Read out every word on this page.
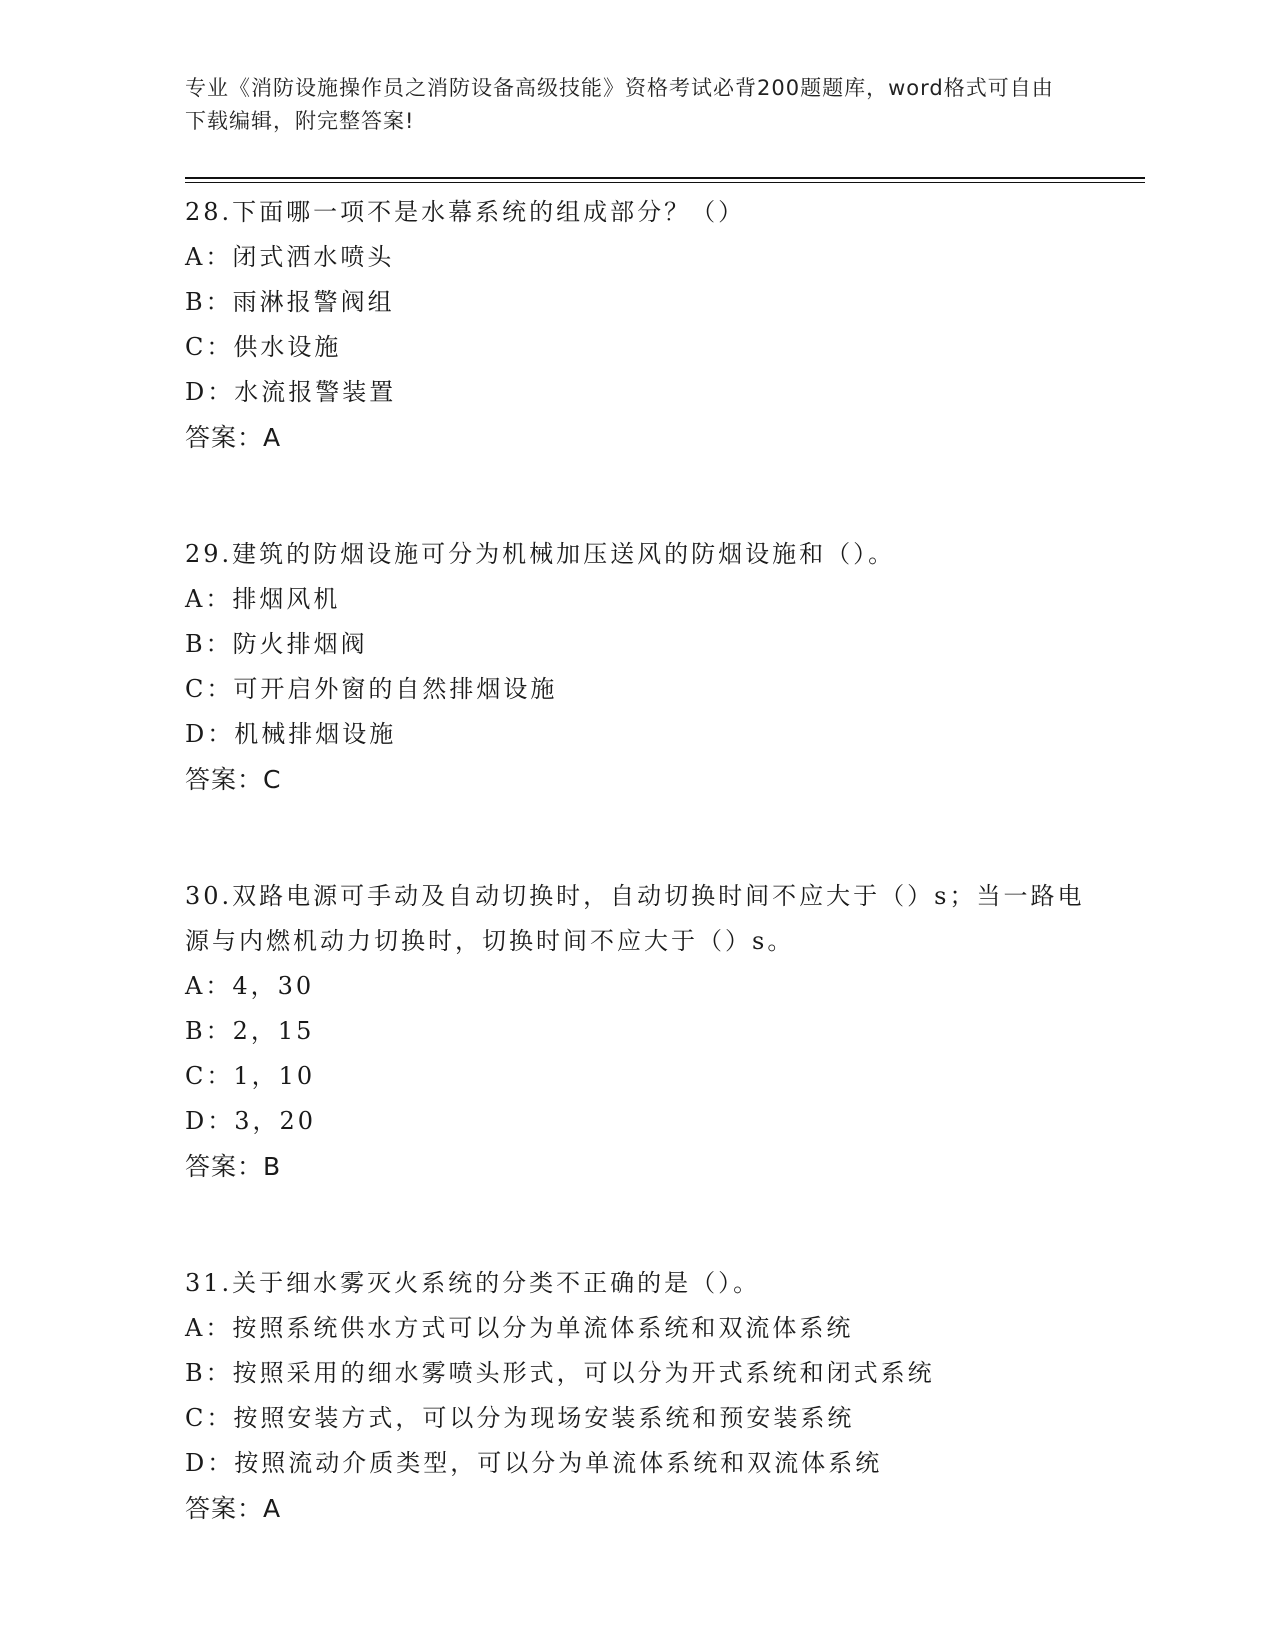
专业《消防设施操作员之消防设备高级技能》资格考试必背200题题库，word格式可自由下载编辑，附完整答案!

28.下面哪一项不是水幕系统的组成部分？（）

A：闭式洒水喷头

B：雨淋报警阀组

C：供水设施

D：水流报警装置

答案：A

29.建筑的防烟设施可分为机械加压送风的防烟设施和（）。

A：排烟风机

B：防火排烟阀

C：可开启外窗的自然排烟设施

D：机械排烟设施

答案：C

30.双路电源可手动及自动切换时，自动切换时间不应大于（）s；当一路电源与内燃机动力切换时，切换时间不应大于（）s。

A：4，30

B：2，15

C：1，10

D：3，20

答案：B

31.关于细水雾灭火系统的分类不正确的是（）。

A：按照系统供水方式可以分为单流体系统和双流体系统

B：按照采用的细水雾喷头形式，可以分为开式系统和闭式系统

C：按照安装方式，可以分为现场安装系统和预安装系统

D：按照流动介质类型，可以分为单流体系统和双流体系统

答案：A
